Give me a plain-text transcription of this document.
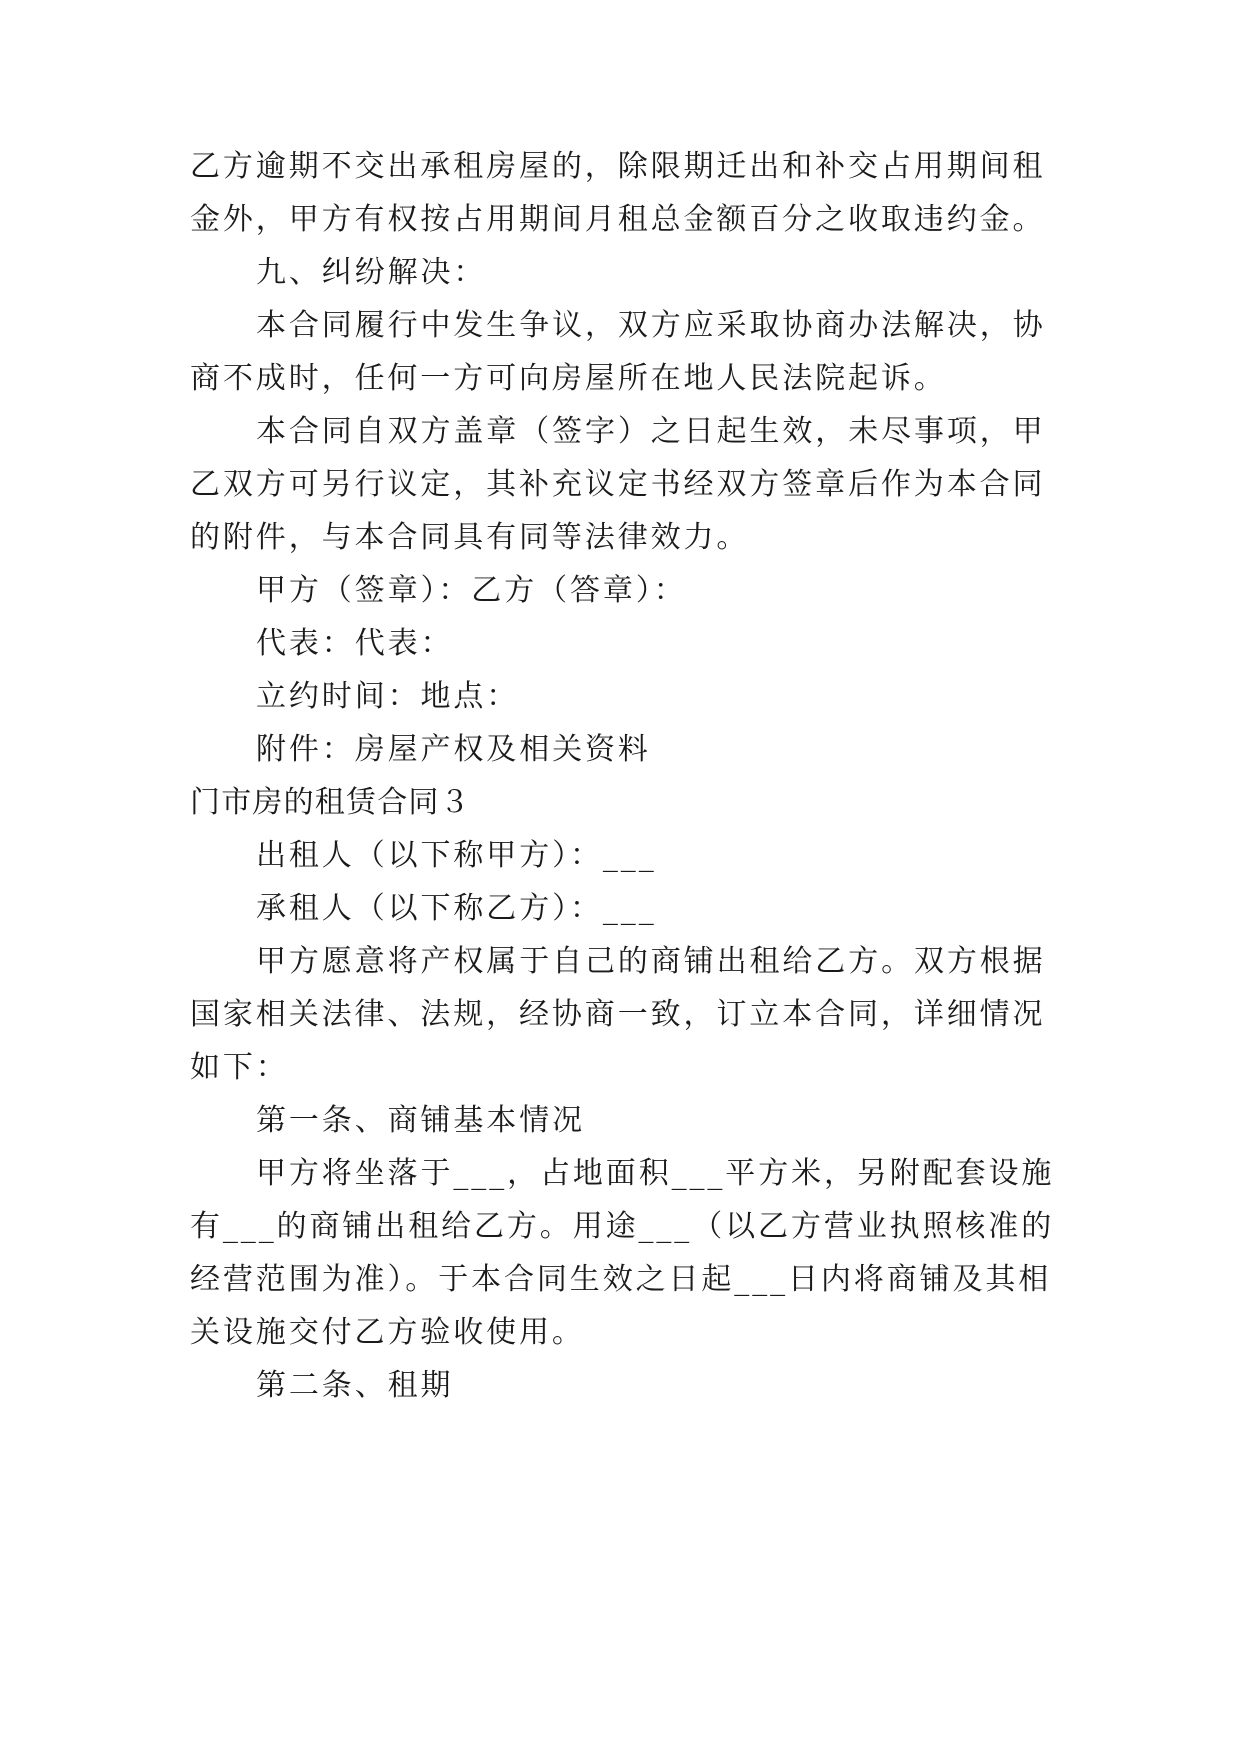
乙方逾期不交出承租房屋的，除限期迁出和补交占用期间租
金外，甲方有权按占用期间月租总金额百分之收取违约金。
九、纠纷解决：
本合同履行中发生争议，双方应采取协商办法解决，协
商不成时，任何一方可向房屋所在地人民法院起诉。
本合同自双方盖章（签字）之日起生效，未尽事项，甲
乙双方可另行议定，其补充议定书经双方签章后作为本合同
的附件，与本合同具有同等法律效力。
甲方（签章）：乙方（答章）：
代表：代表：
立约时间：地点：
附件：房屋产权及相关资料
门市房的租赁合同３
出租人（以下称甲方）：___
承租人（以下称乙方）：___
甲方愿意将产权属于自己的商铺出租给乙方。双方根据
国家相关法律、法规，经协商一致，订立本合同，详细情况
如下：
第一条、商铺基本情况
甲方将坐落于___，占地面积___平方米，另附配套设施
有___的商铺出租给乙方。用途___（以乙方营业执照核准的
经营范围为准）。于本合同生效之日起___日内将商铺及其相
关设施交付乙方验收使用。
第二条、租期
